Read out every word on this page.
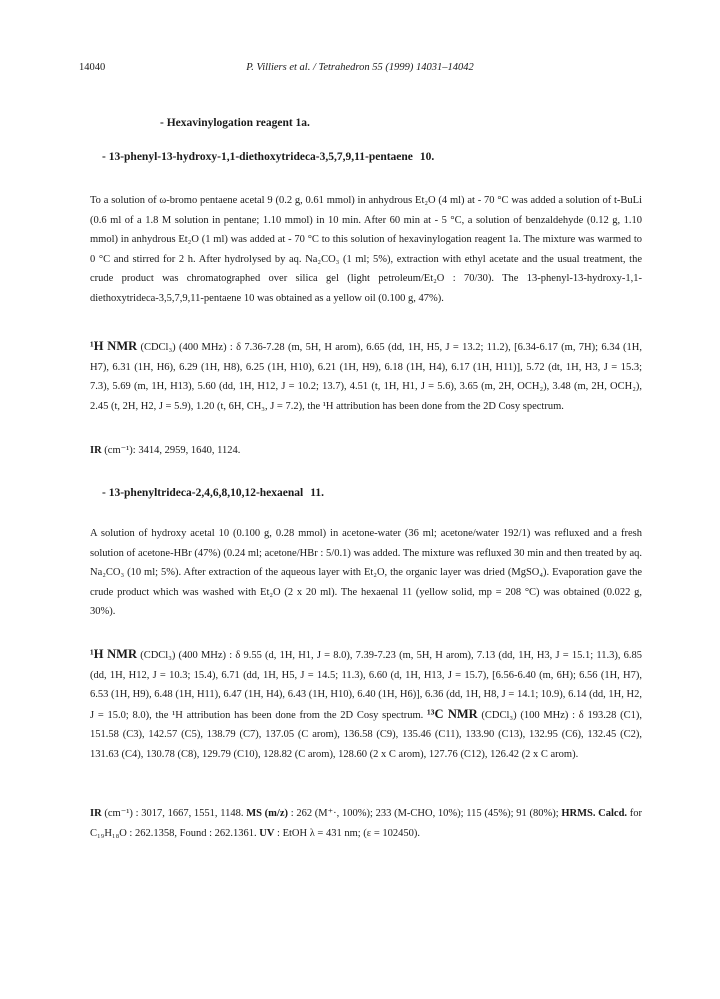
14040	P. Villiers et al. / Tetrahedron 55 (1999) 14031–14042
- Hexavinylogation reagent 1a.
- 13-phenyl-13-hydroxy-1,1-diethoxytrideca-3,5,7,9,11-pentaene 10.
To a solution of ω-bromo pentaene acetal 9 (0.2 g, 0.61 mmol) in anhydrous Et₂O (4 ml) at - 70 °C was added a solution of t-BuLi (0.6 ml of a 1.8 M solution in pentane; 1.10 mmol) in 10 min. After 60 min at - 5 °C, a solution of benzaldehyde (0.12 g, 1.10 mmol) in anhydrous Et₂O (1 ml) was added at - 70 °C to this solution of hexavinylogation reagent 1a. The mixture was warmed to 0 °C and stirred for 2 h. After hydrolysed by aq. Na₂CO₃ (1 ml; 5%), extraction with ethyl acetate and the usual treatment, the crude product was chromatographed over silica gel (light petroleum/Et₂O : 70/30). The 13-phenyl-13-hydroxy-1,1-diethoxytrideca-3,5,7,9,11-pentaene 10 was obtained as a yellow oil (0.100 g, 47%).
¹H NMR (CDCl₃) (400 MHz) : δ 7.36-7.28 (m, 5H, H arom), 6.65 (dd, 1H, H5, J = 13.2; 11.2), [6.34-6.17 (m, 7H); 6.34 (1H, H7), 6.31 (1H, H6), 6.29 (1H, H8), 6.25 (1H, H10), 6.21 (1H, H9), 6.18 (1H, H4), 6.17 (1H, H11)], 5.72 (dt, 1H, H3, J = 15.3; 7.3), 5.69 (m, 1H, H13), 5.60 (dd, 1H, H12, J = 10.2; 13.7), 4.51 (t, 1H, H1, J = 5.6), 3.65 (m, 2H, OCH₂), 3.48 (m, 2H, OCH₂), 2.45 (t, 2H, H2, J = 5.9), 1.20 (t, 6H, CH₃, J = 7.2), the ¹H attribution has been done from the 2D Cosy spectrum.
IR (cm⁻¹): 3414, 2959, 1640, 1124.
- 13-phenyltrideca-2,4,6,8,10,12-hexaenal 11.
A solution of hydroxy acetal 10 (0.100 g, 0.28 mmol) in acetone-water (36 ml; acetone/water 192/1) was refluxed and a fresh solution of acetone-HBr (47%) (0.24 ml; acetone/HBr : 5/0.1) was added. The mixture was refluxed 30 min and then treated by aq. Na₂CO₃ (10 ml; 5%). After extraction of the aqueous layer with Et₂O, the organic layer was dried (MgSO₄). Evaporation gave the crude product which was washed with Et₂O (2 x 20 ml). The hexaenal 11 (yellow solid, mp = 208 °C) was obtained (0.022 g, 30%).
¹H NMR (CDCl₃) (400 MHz) : δ 9.55 (d, 1H, H1, J = 8.0), 7.39-7.23 (m, 5H, H arom), 7.13 (dd, 1H, H3, J = 15.1; 11.3), 6.85 (dd, 1H, H12, J = 10.3; 15.4), 6.71 (dd, 1H, H5, J = 14.5; 11.3), 6.60 (d, 1H, H13, J = 15.7), [6.56-6.40 (m, 6H); 6.56 (1H, H7), 6.53 (1H, H9), 6.48 (1H, H11), 6.47 (1H, H4), 6.43 (1H, H10), 6.40 (1H, H6)], 6.36 (dd, 1H, H8, J = 14.1; 10.9), 6.14 (dd, 1H, H2, J = 15.0; 8.0), the ¹H attribution has been done from the 2D Cosy spectrum. ¹³C NMR (CDCl₃) (100 MHz) : δ 193.28 (C1), 151.58 (C3), 142.57 (C5), 138.79 (C7), 137.05 (C arom), 136.58 (C9), 135.46 (C11), 133.90 (C13), 132.95 (C6), 132.45 (C2), 131.63 (C4), 130.78 (C8), 129.79 (C10), 128.82 (C arom), 128.60 (2 x C arom), 127.76 (C12), 126.42 (2 x C arom).
IR (cm⁻¹) : 3017, 1667, 1551, 1148. MS (m/z) : 262 (M⁺·, 100%); 233 (M-CHO, 10%); 115 (45%); 91 (80%); HRMS. Calcd. for C₁₉H₁₈O : 262.1358, Found : 262.1361. UV : EtOH λ = 431 nm; (ε = 102450).
